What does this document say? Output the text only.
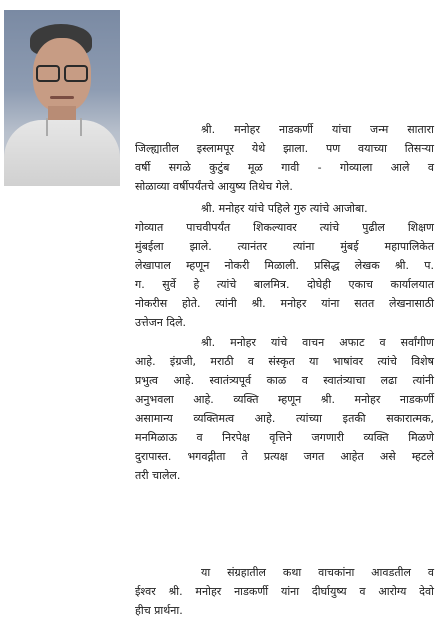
श्री. मनोहर नाडकर्णी यांचा जन्म सातारा
जिल्ह्यातील इस्लामपूर येथे झाला. पण वयाच्या तिसऱ्या
वर्षी सगळे कुटुंब मूळ गावी - गोव्याला आले व
सोळाव्या वर्षीपर्यंतचे आयुष्य तिथेच गेले.

श्री. मनोहर यांचे पहिले गुरु त्यांचे आजोबा.
गोव्यात पाचवीपर्यंत शिकल्यावर त्यांचे पुढील शिक्षण
मुंबईला झाले. त्यानंतर त्यांना मुंबई महापालिकेत
लेखापाल म्हणून नोकरी मिळाली. प्रसिद्ध लेखक श्री. प.
ग. सुर्वे हे त्यांचे बालमित्र. दोघेही एकाच कार्यालयात
नोकरीस होते. त्यांनी श्री. मनोहर यांना सतत लेखनासाठी
उत्तेजन दिले.

श्री. मनोहर यांचे वाचन अफाट व सर्वांगीण
आहे. इंग्रजी, मराठी व संस्कृत या भाषांवर त्यांचे विशेष
प्रभुत्व आहे. स्वातंत्र्यपूर्व काळ व स्वातंत्र्याचा लढा त्यांनी
अनुभवला आहे. व्यक्ति म्हणून श्री. मनोहर नाडकर्णी
असामान्य व्यक्तिमत्व आहे. त्यांच्या इतकी सकारात्मक,
मनमिळाऊ व निरपेक्ष वृत्तिने जगणारी व्यक्ति मिळणे
दुरापास्त. भगवद्गीता ते प्रत्यक्ष जगत आहेत असे म्हटले
तरी चालेल.

या संग्रहातील कथा वाचकांना आवडतील व
ईश्वर श्री. मनोहर नाडकर्णी यांना दीर्घायुष्य व आरोग्य देवो
हीच प्रार्थना.
